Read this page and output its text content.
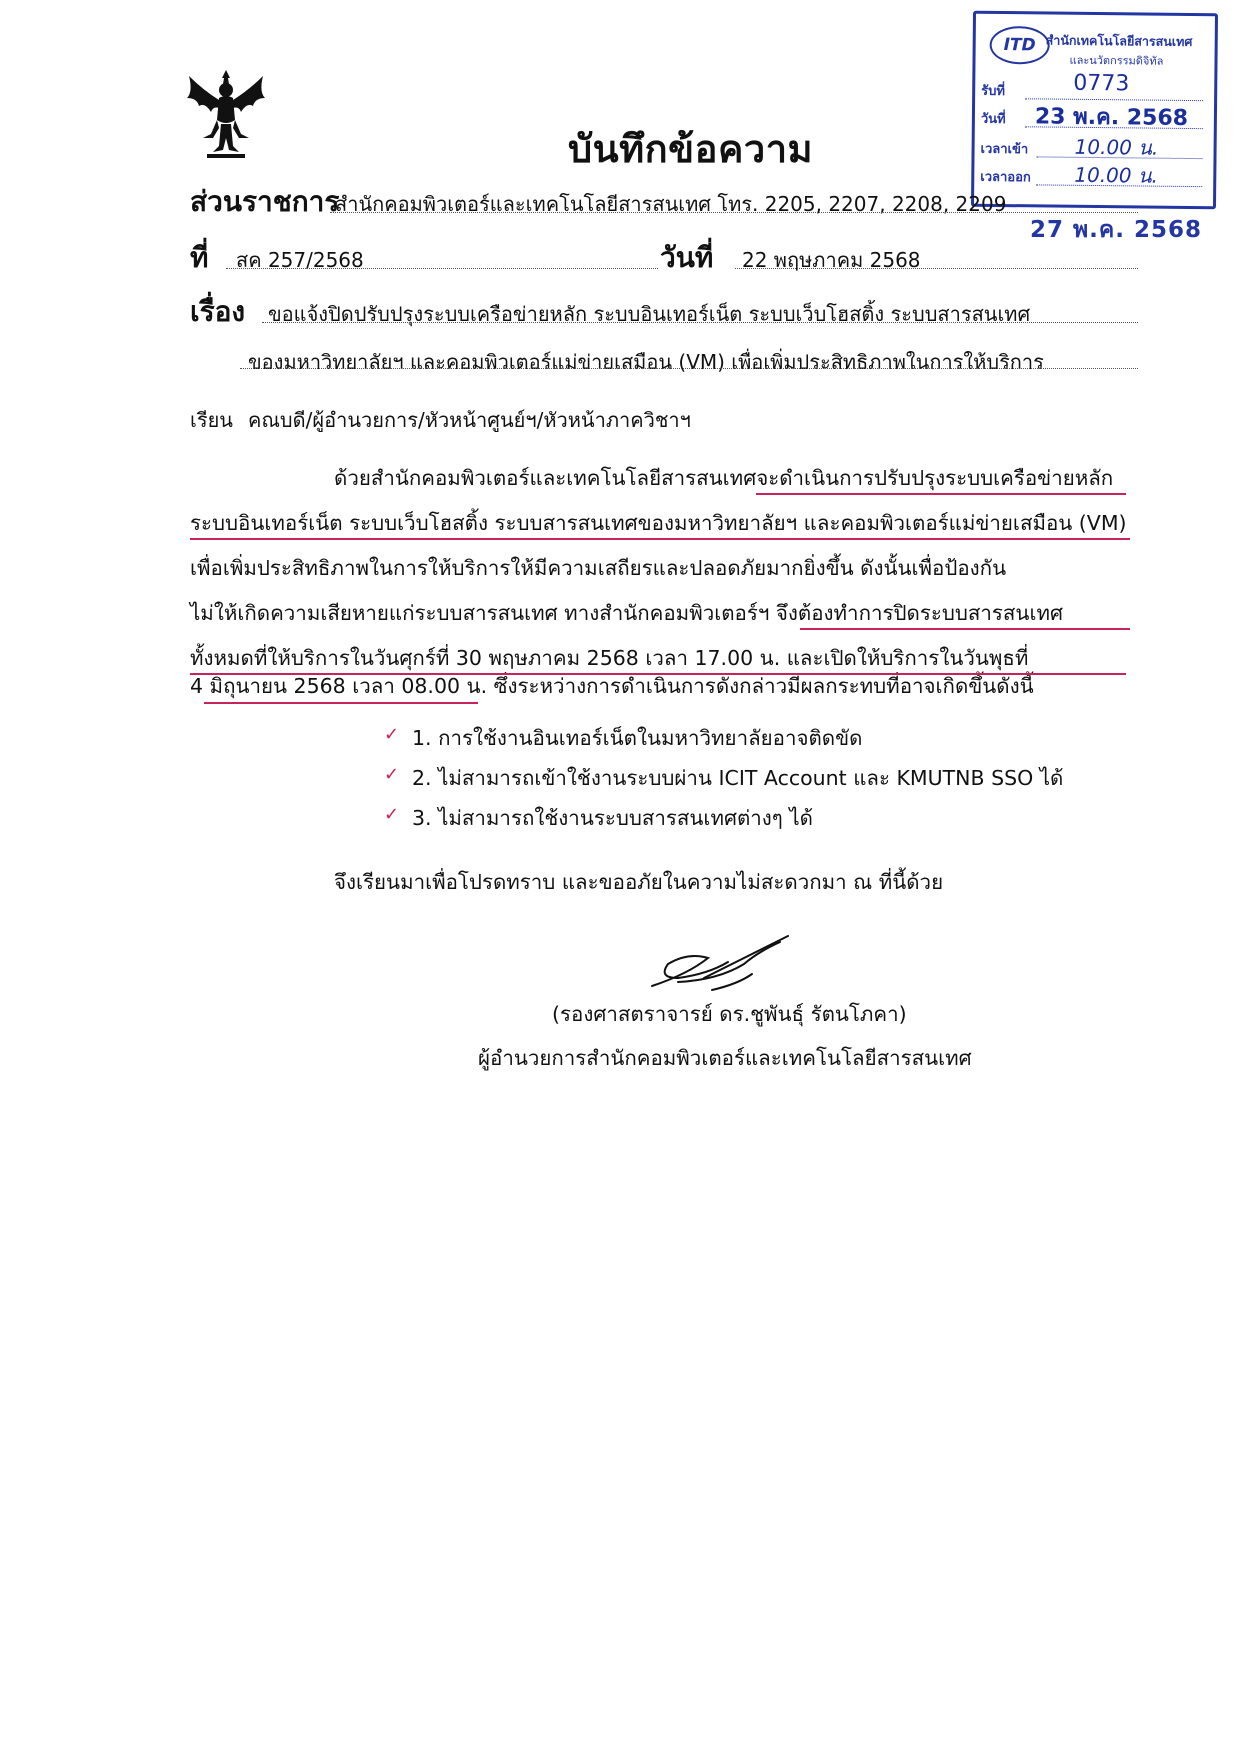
บันทึกข้อความ
ITD สำนักเทคโนโลยีสารสนเทศ
และนวัตกรรมดิจิทัล
รับที่	0773
วันที่ 23 พ.ค. 2568
เวลาเข้า 10.00 น.
เวลาออก 10.00 น.
27 พ.ค. 2568
ส่วนราชการ
สำนักคอมพิวเตอร์และเทคโนโลยีสารสนเทศ โทร. 2205, 2207, 2208, 2209
ที่ สค 257/2568	วันที่ 22 พฤษภาคม 2568
เรื่อง ขอแจ้งปิดปรับปรุงระบบเครือข่ายหลัก ระบบอินเทอร์เน็ต ระบบเว็บโฮสติ้ง ระบบสารสนเทศ
ของมหาวิทยาลัยฯ และคอมพิวเตอร์แม่ข่ายเสมือน (VM) เพื่อเพิ่มประสิทธิภาพในการให้บริการ
เรียน คณบดี/ผู้อำนวยการ/หัวหน้าศูนย์ฯ/หัวหน้าภาควิชาฯ
ด้วยสำนักคอมพิวเตอร์และเทคโนโลยีสารสนเทศจะดำเนินการปรับปรุงระบบเครือข่ายหลัก
ระบบอินเทอร์เน็ต ระบบเว็บโฮสติ้ง ระบบสารสนเทศของมหาวิทยาลัยฯ และคอมพิวเตอร์แม่ข่ายเสมือน (VM)
เพื่อเพิ่มประสิทธิภาพในการให้บริการให้มีความเสถียรและปลอดภัยมากยิ่งขึ้น ดังนั้นเพื่อป้องกัน
ไม่ให้เกิดความเสียหายแก่ระบบสารสนเทศ ทางสำนักคอมพิวเตอร์ฯ จึงต้องทำการปิดระบบสารสนเทศ
ทั้งหมดที่ให้บริการในวันศุกร์ที่ 30 พฤษภาคม 2568 เวลา 17.00 น. และเปิดให้บริการในวันพุธที่
4 มิถุนายน 2568 เวลา 08.00 น. ซึ่งระหว่างการดำเนินการดังกล่าวมีผลกระทบที่อาจเกิดขึ้นดังนี้
✓ 1. การใช้งานอินเทอร์เน็ตในมหาวิทยาลัยอาจติดขัด
✓ 2. ไม่สามารถเข้าใช้งานระบบผ่าน ICIT Account และ KMUTNB SSO ได้
✓ 3. ไม่สามารถใช้งานระบบสารสนเทศต่างๆ ได้
จึงเรียนมาเพื่อโปรดทราบ และขออภัยในความไม่สะดวกมา ณ ที่นี้ด้วย
(รองศาสตราจารย์ ดร.ชูพันธุ์ รัตนโภคา)
ผู้อำนวยการสำนักคอมพิวเตอร์และเทคโนโลยีสารสนเทศ
